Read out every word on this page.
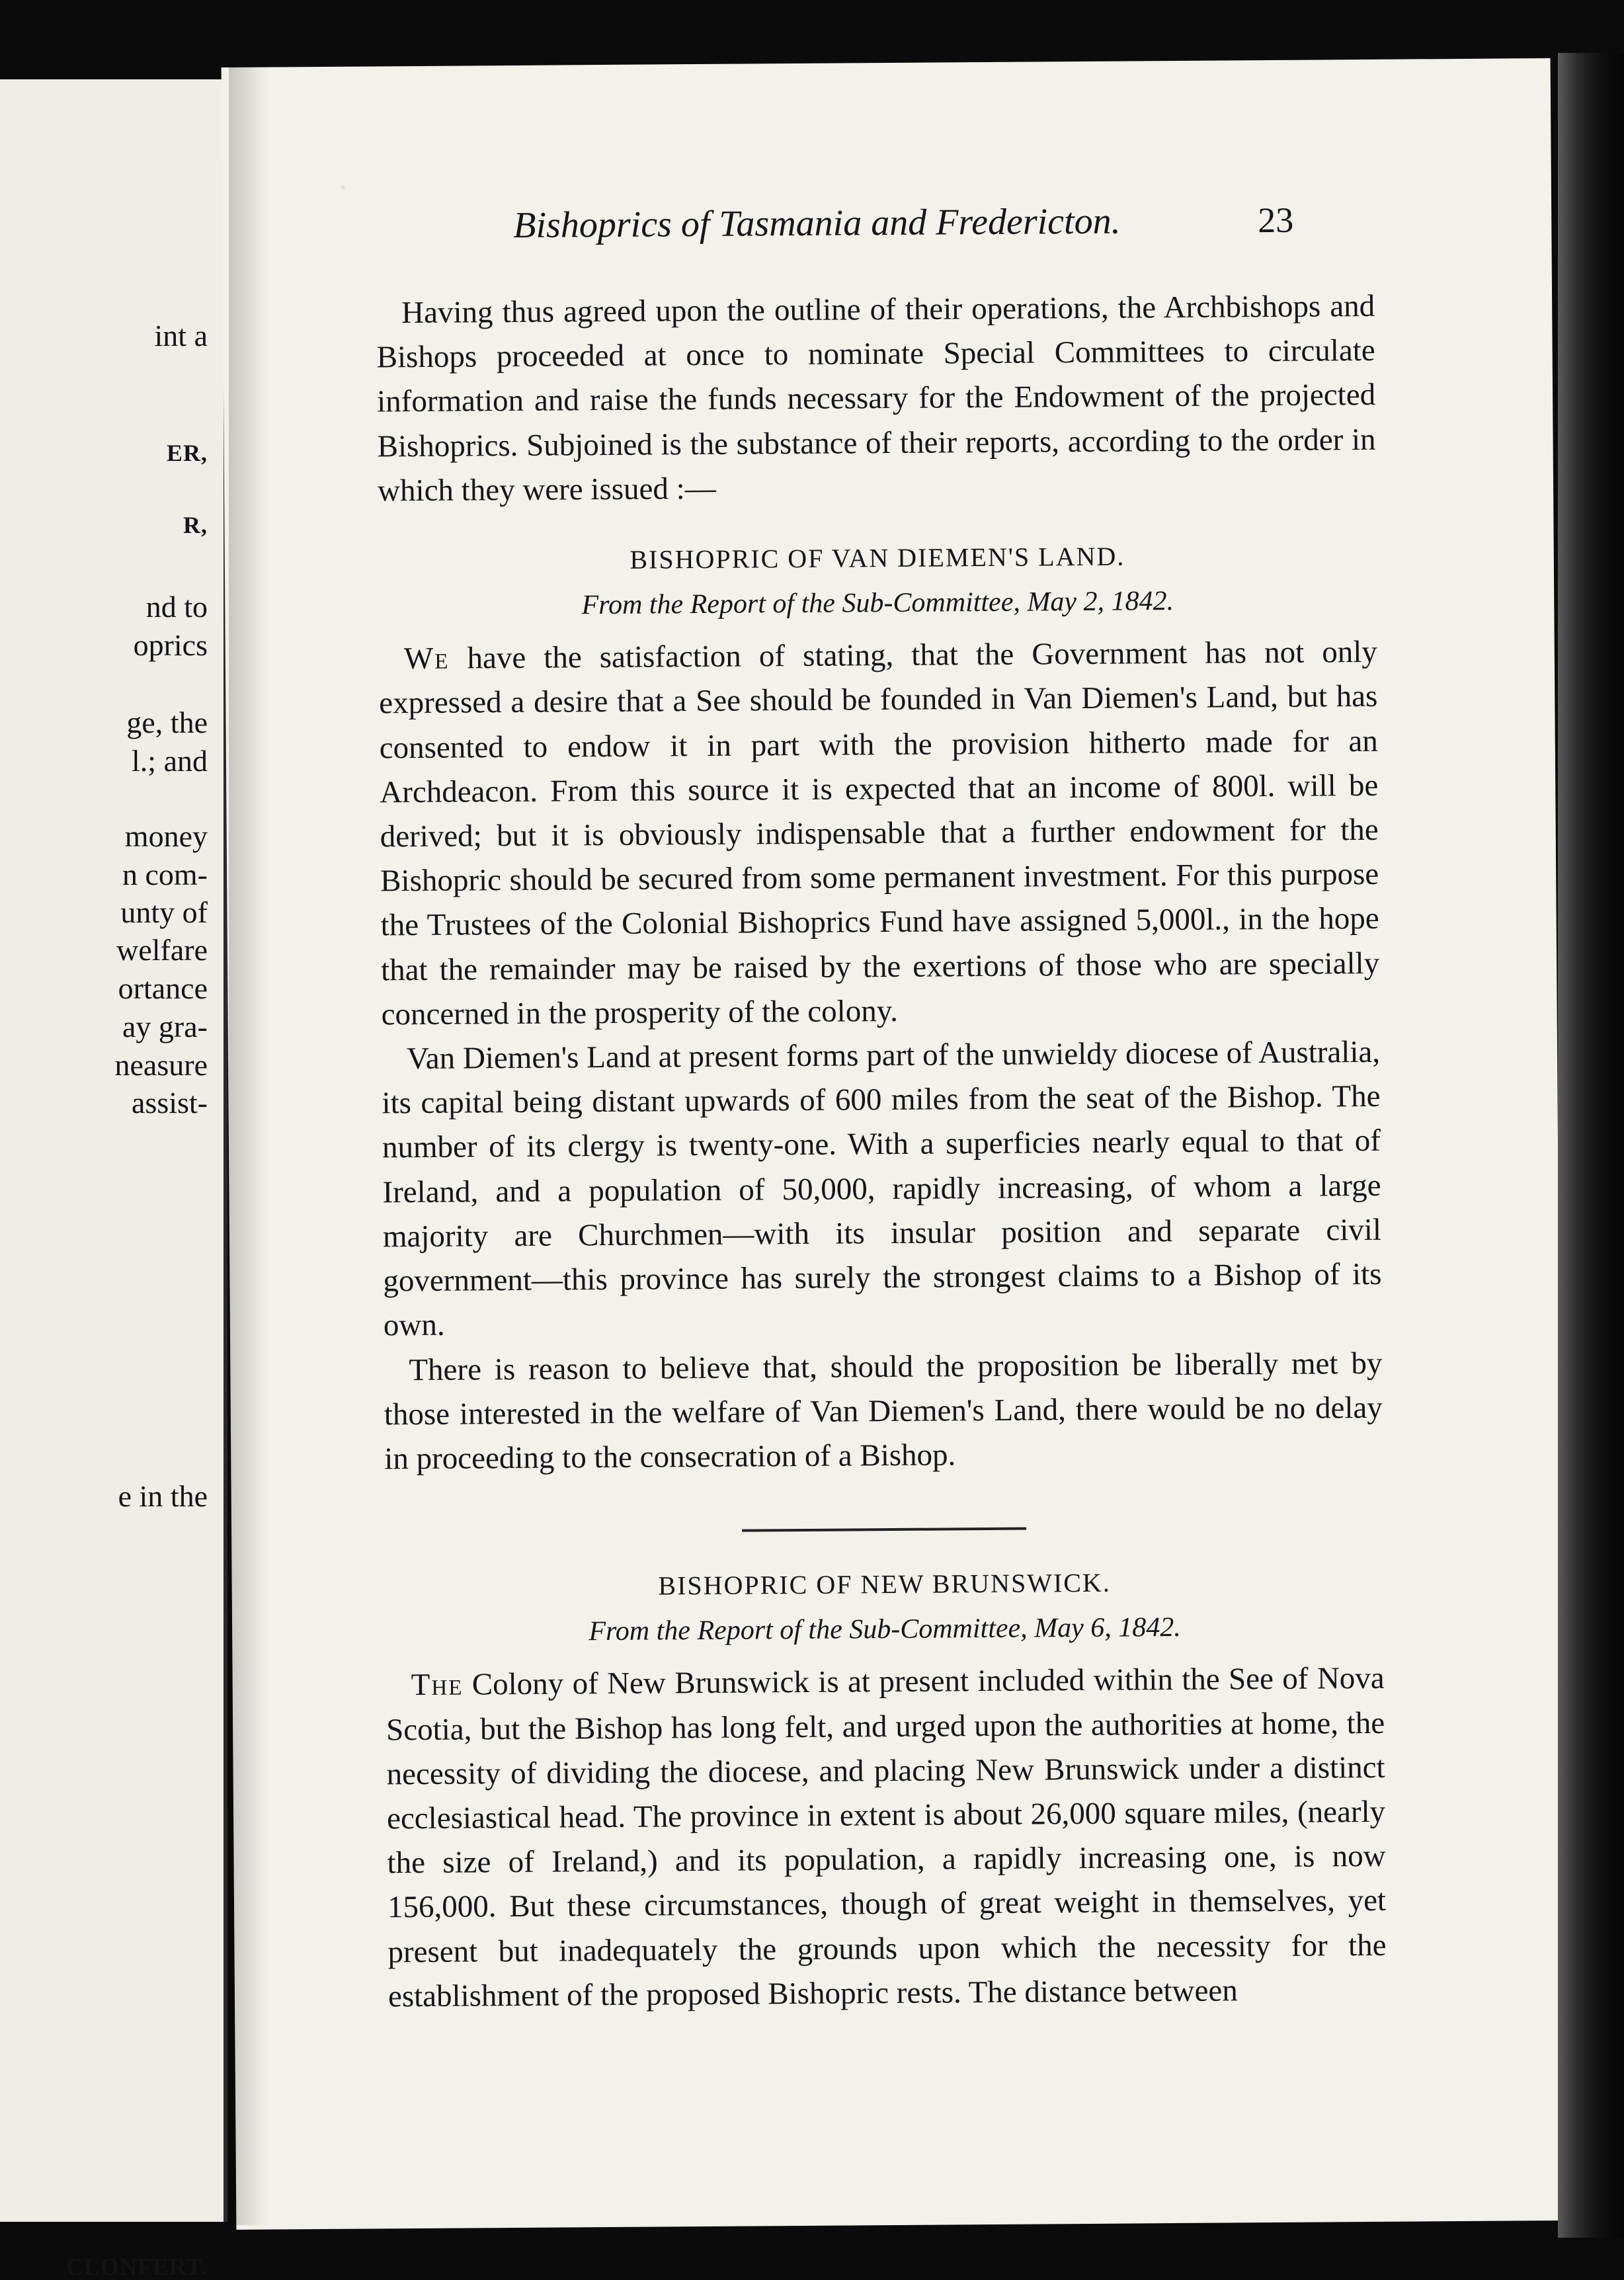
int a
ER,
R,
nd to
oprics
ge, the
l.; and
money
n com-
unty of
welfare
ortance
ay gra-
neasure
assist-
e in the
CLONFERT.
Bishoprics of Tasmania and Fredericton.	23

Having thus agreed upon the outline of their operations, the Archbishops and Bishops proceeded at once to nominate Special Committees to circulate information and raise the funds necessary for the Endowment of the projected Bishoprics. Subjoined is the substance of their reports, according to the order in which they were issued :—

BISHOPRIC OF VAN DIEMEN'S LAND.
From the Report of the Sub-Committee, May 2, 1842.

We have the satisfaction of stating, that the Government has not only expressed a desire that a See should be founded in Van Diemen's Land, but has consented to endow it in part with the provision hitherto made for an Archdeacon. From this source it is expected that an income of 800l. will be derived; but it is obviously indispensable that a further endowment for the Bishopric should be secured from some permanent investment. For this purpose the Trustees of the Colonial Bishoprics Fund have assigned 5,000l., in the hope that the remainder may be raised by the exertions of those who are specially concerned in the prosperity of the colony.

Van Diemen's Land at present forms part of the unwieldy diocese of Australia, its capital being distant upwards of 600 miles from the seat of the Bishop. The number of its clergy is twenty-one. With a superficies nearly equal to that of Ireland, and a population of 50,000, rapidly increasing, of whom a large majority are Churchmen—with its insular position and separate civil government—this province has surely the strongest claims to a Bishop of its own.

There is reason to believe that, should the proposition be liberally met by those interested in the welfare of Van Diemen's Land, there would be no delay in proceeding to the consecration of a Bishop.

BISHOPRIC OF NEW BRUNSWICK.
From the Report of the Sub-Committee, May 6, 1842.

The Colony of New Brunswick is at present included within the See of Nova Scotia, but the Bishop has long felt, and urged upon the authorities at home, the necessity of dividing the diocese, and placing New Brunswick under a distinct ecclesiastical head. The province in extent is about 26,000 square miles, (nearly the size of Ireland,) and its population, a rapidly increasing one, is now 156,000. But these circumstances, though of great weight in themselves, yet present but inadequately the grounds upon which the necessity for the establishment of the proposed Bishopric rests. The distance between
